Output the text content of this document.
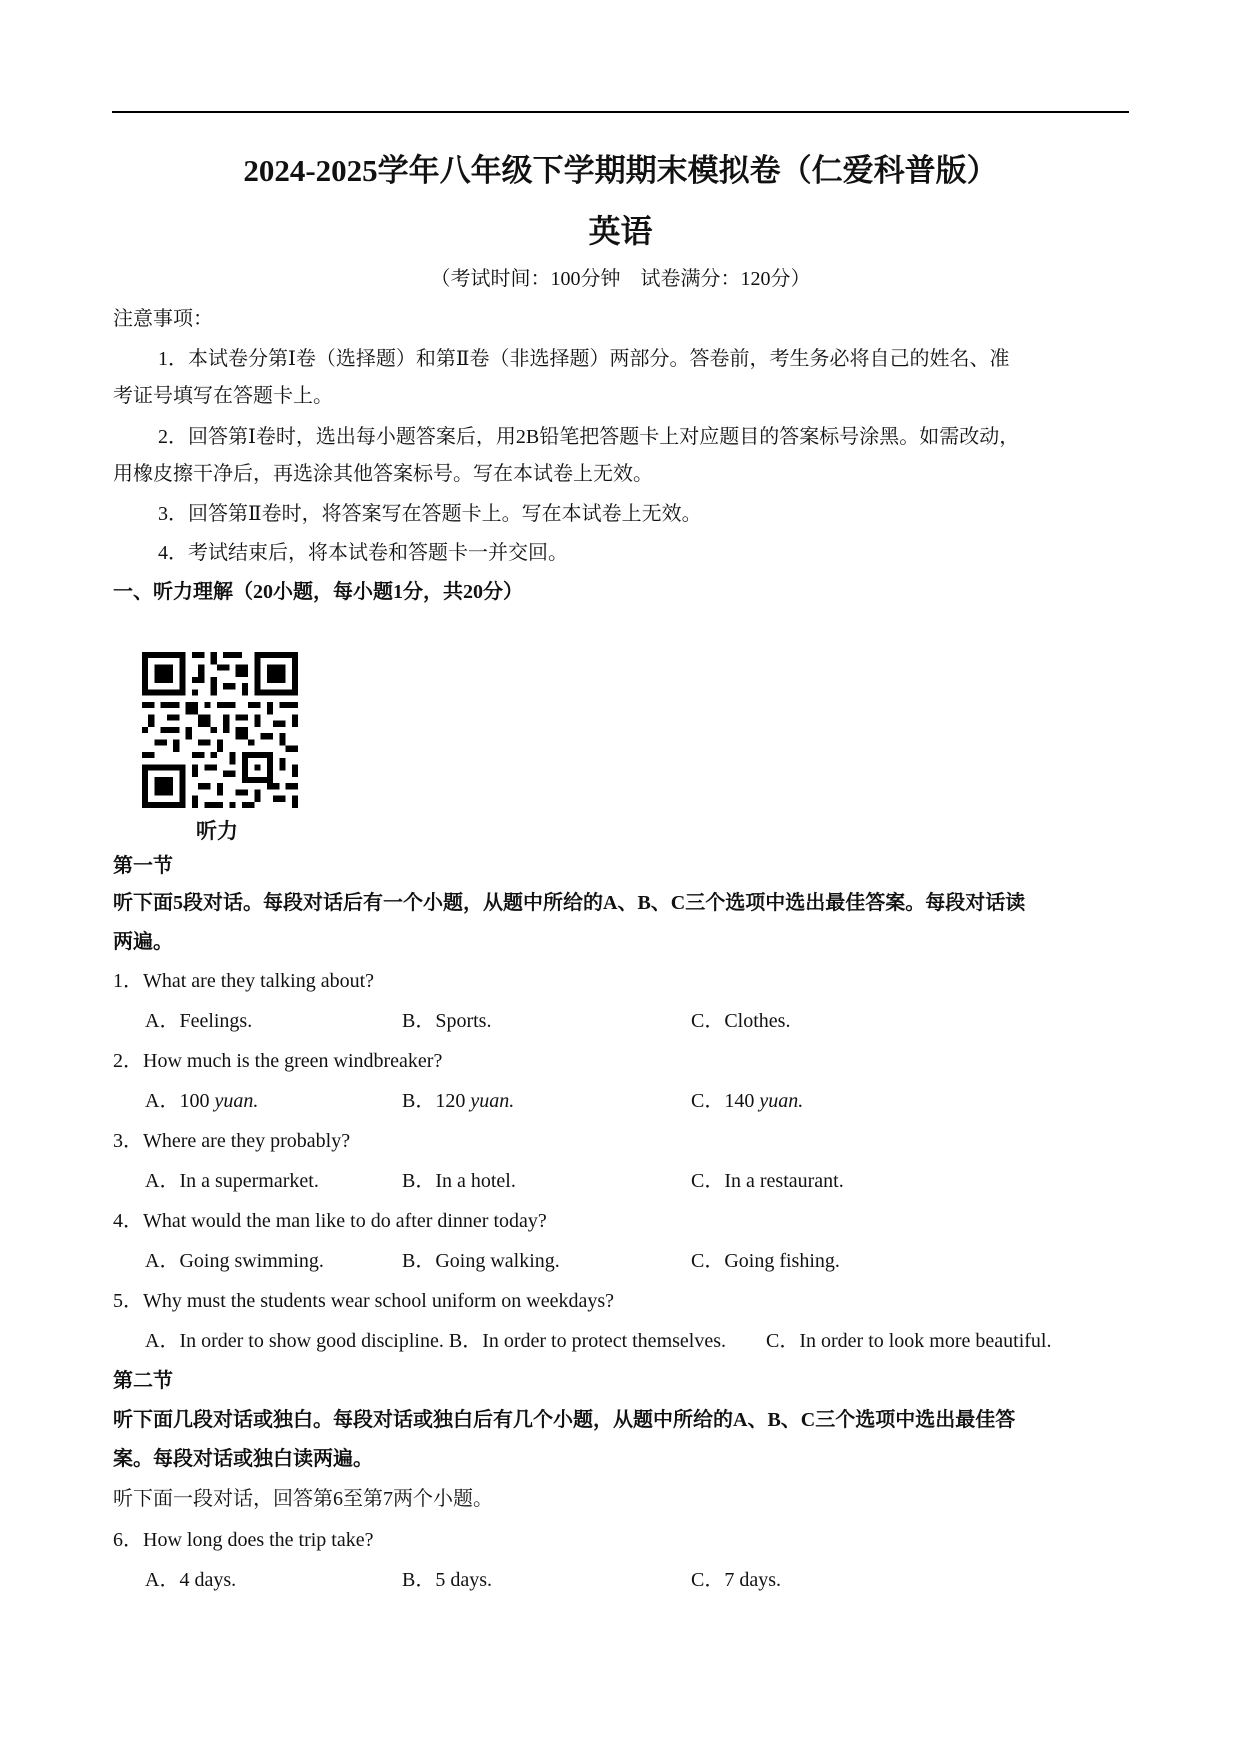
2024-2025学年八年级下学期期末模拟卷（仁爱科普版）
英语
（考试时间：100分钟　试卷满分：120分）
注意事项：
1．本试卷分第Ⅰ卷（选择题）和第Ⅱ卷（非选择题）两部分。答卷前，考生务必将自己的姓名、准
考证号填写在答题卡上。
2．回答第Ⅰ卷时，选出每小题答案后，用2B铅笔把答题卡上对应题目的答案标号涂黑。如需改动，
用橡皮擦干净后，再选涂其他答案标号。写在本试卷上无效。
3．回答第Ⅱ卷时，将答案写在答题卡上。写在本试卷上无效。
4．考试结束后，将本试卷和答题卡一并交回。
一、听力理解（20小题，每小题1分，共20分）
听力
第一节
听下面5段对话。每段对话后有一个小题，从题中所给的A、B、C三个选项中选出最佳答案。每段对话读
两遍。
1．What are they talking about?
A．Feelings.	B．Sports.	C．Clothes.
2．How much is the green windbreaker?
A．100 yuan.	B．120 yuan.	C．140 yuan.
3．Where are they probably?
A．In a supermarket.	B．In a hotel.	C．In a restaurant.
4．What would the man like to do after dinner today?
A．Going swimming.	B．Going walking.	C．Going fishing.
5．Why must the students wear school uniform on weekdays?
A．In order to show good discipline. B．In order to protect themselves.　　C．In order to look more beautiful.
第二节
听下面几段对话或独白。每段对话或独白后有几个小题，从题中所给的A、B、C三个选项中选出最佳答
案。每段对话或独白读两遍。
听下面一段对话，回答第6至第7两个小题。
6．How long does the trip take?
A．4 days.	B．5 days.	C．7 days.
